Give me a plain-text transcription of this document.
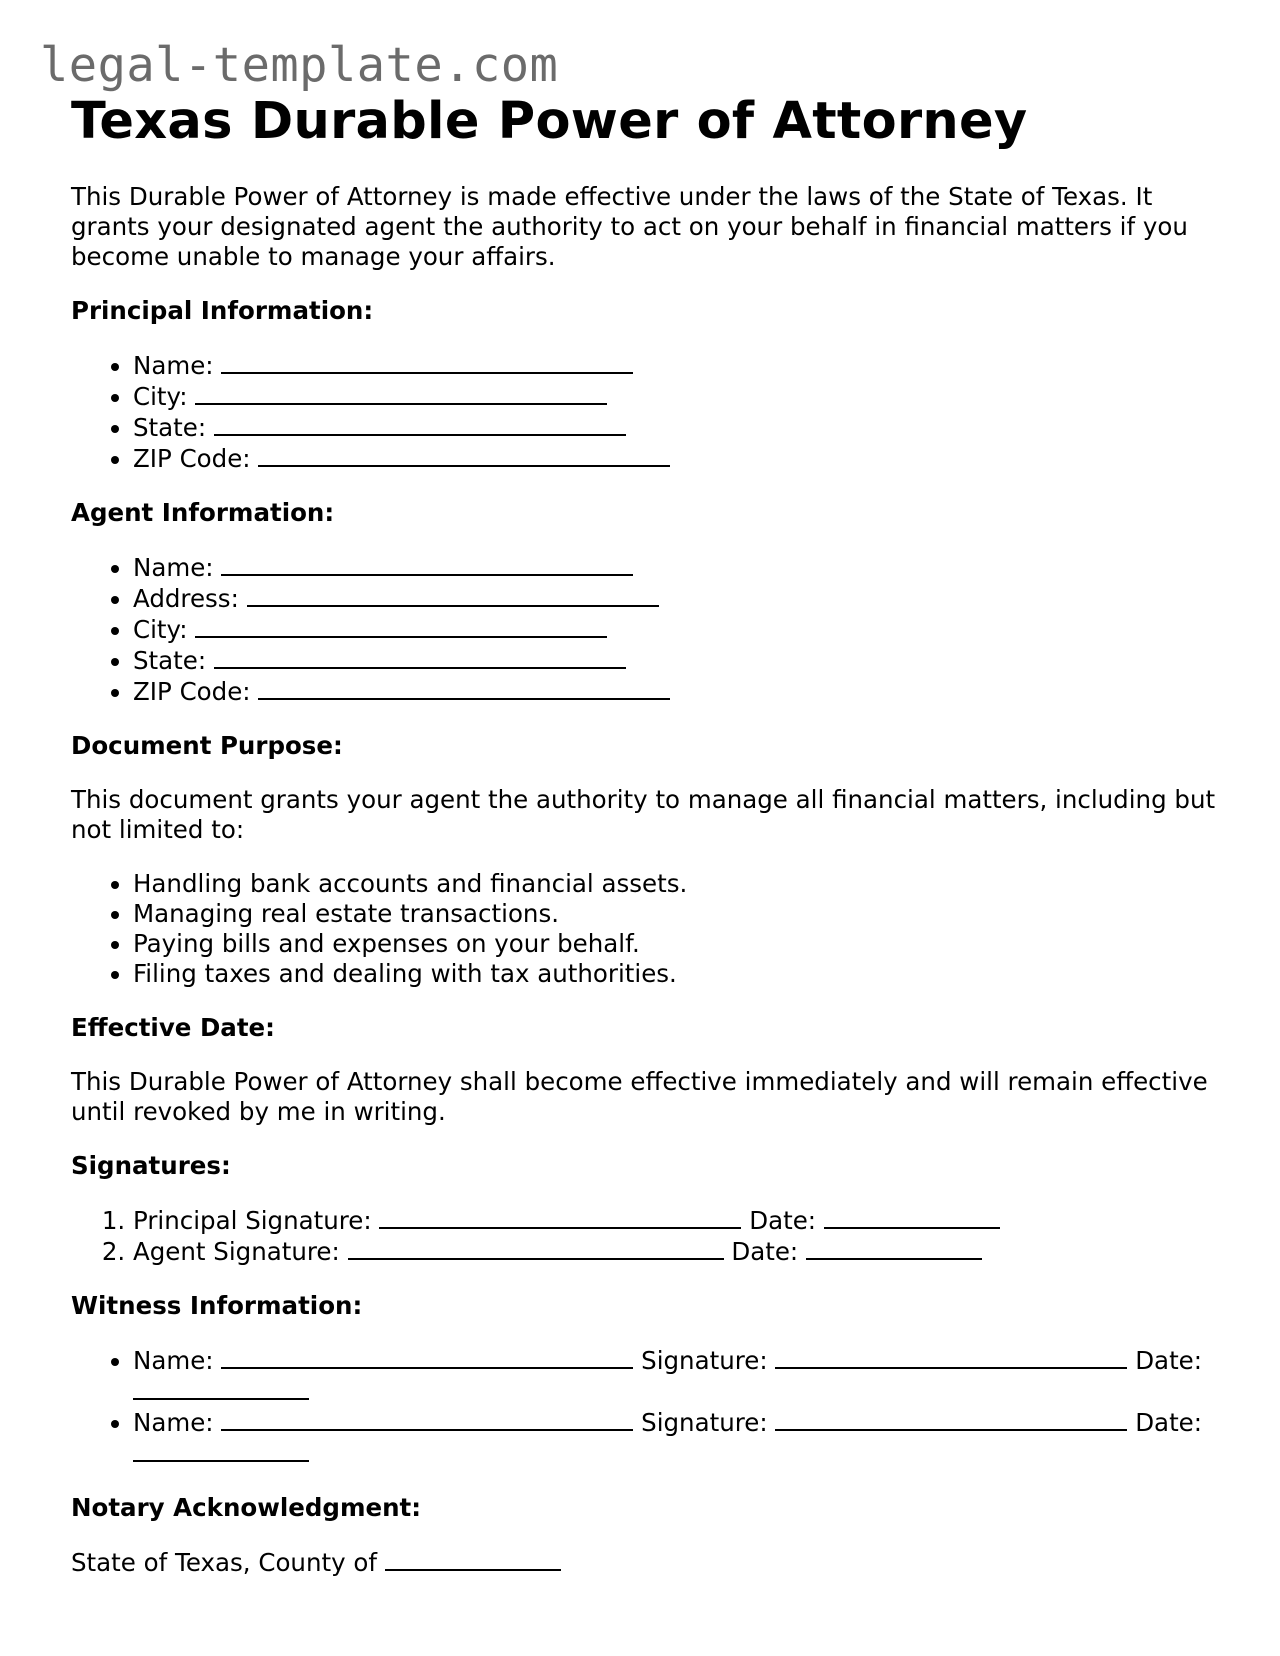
legal-template.com
Texas Durable Power of Attorney

This Durable Power of Attorney is made effective under the laws of the State of Texas. It grants your designated agent the authority to act on your behalf in financial matters if you become unable to manage your affairs.

Principal Information:
• Name:
• City:
• State:
• ZIP Code:
Agent Information:
• Name:
• Address:
• City:
• State:
• ZIP Code:
Document Purpose:

This document grants your agent the authority to manage all financial matters, including but not limited to:

• Handling bank accounts and financial assets.
• Managing real estate transactions.
• Paying bills and expenses on your behalf.
• Filing taxes and dealing with tax authorities.
Effective Date:

This Durable Power of Attorney shall become effective immediately and will remain effective until revoked by me in writing.

Signatures:
1. Principal Signature:	Date:
2. Agent Signature:	Date:
Witness Information:
• Name:	Signature:	Date:
• Name:	Signature:	Date:
Notary Acknowledgment:

State of Texas, County of
